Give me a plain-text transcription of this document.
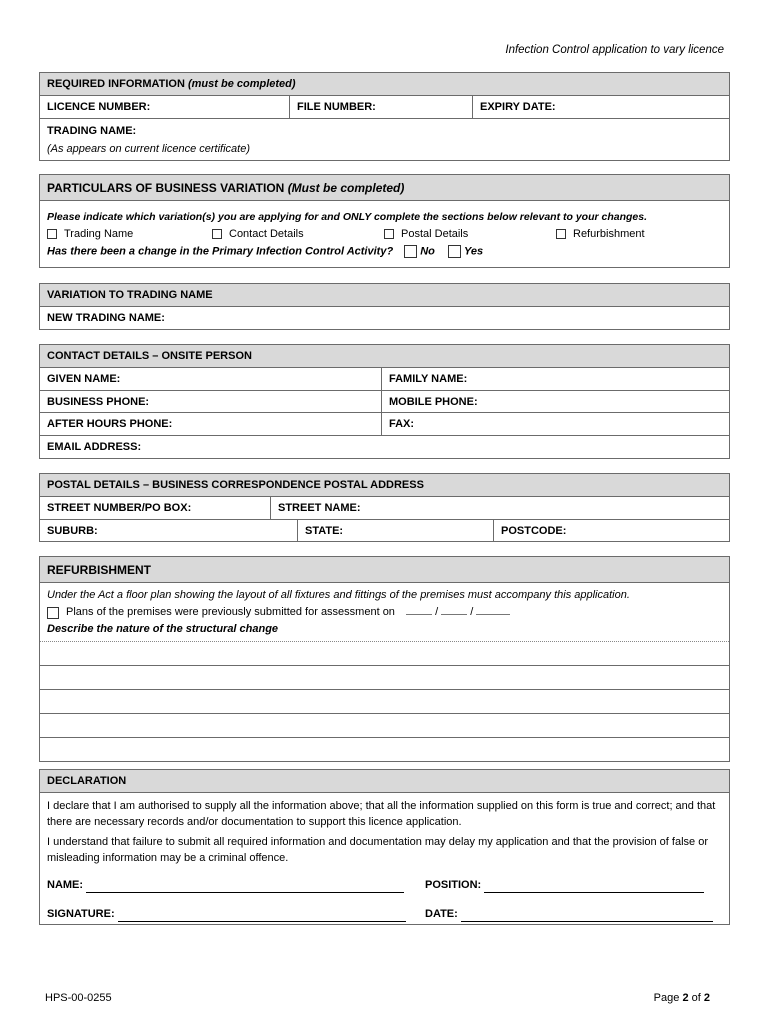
Infection Control application to vary licence
REQUIRED INFORMATION
(must be completed)
LICENCE NUMBER:	FILE NUMBER:	EXPIRY DATE:
TRADING NAME:
(As appears on current licence certificate)
PARTICULARS OF BUSINESS VARIATION
(Must be completed)
Please indicate which variation(s) you are applying for and ONLY complete the sections below relevant to your changes.
Trading Name	Contact Details	Postal Details	Refurbishment
Has there been a change in the Primary Infection Control Activity? No	Yes
VARIATION TO TRADING NAME
NEW TRADING NAME:
CONTACT DETAILS – ONSITE PERSON
GIVEN NAME:	FAMILY NAME:
BUSINESS PHONE:	MOBILE PHONE:
AFTER HOURS PHONE:	FAX:
EMAIL ADDRESS:
POSTAL DETAILS – BUSINESS CORRESPONDENCE POSTAL ADDRESS
STREET NUMBER/PO BOX:	STREET NAME:
SUBURB:	STATE:	POSTCODE:
REFURBISHMENT
Under the Act a floor plan showing the layout of all fixtures and fittings of the premises must accompany this application.
Plans of the premises were previously submitted for assessment on	/	/
Describe the nature of the structural change
DECLARATION
I declare that I am authorised to supply all the information above; that all the information supplied on this form is true and correct; and that there are necessary records and/or documentation to support this licence application.
I understand that failure to submit all required information and documentation may delay my application and that the provision of false or misleading information may be a criminal offence.
NAME:	POSITION:
SIGNATURE:	DATE:
HPS-00-0255	Page 2 of 2
